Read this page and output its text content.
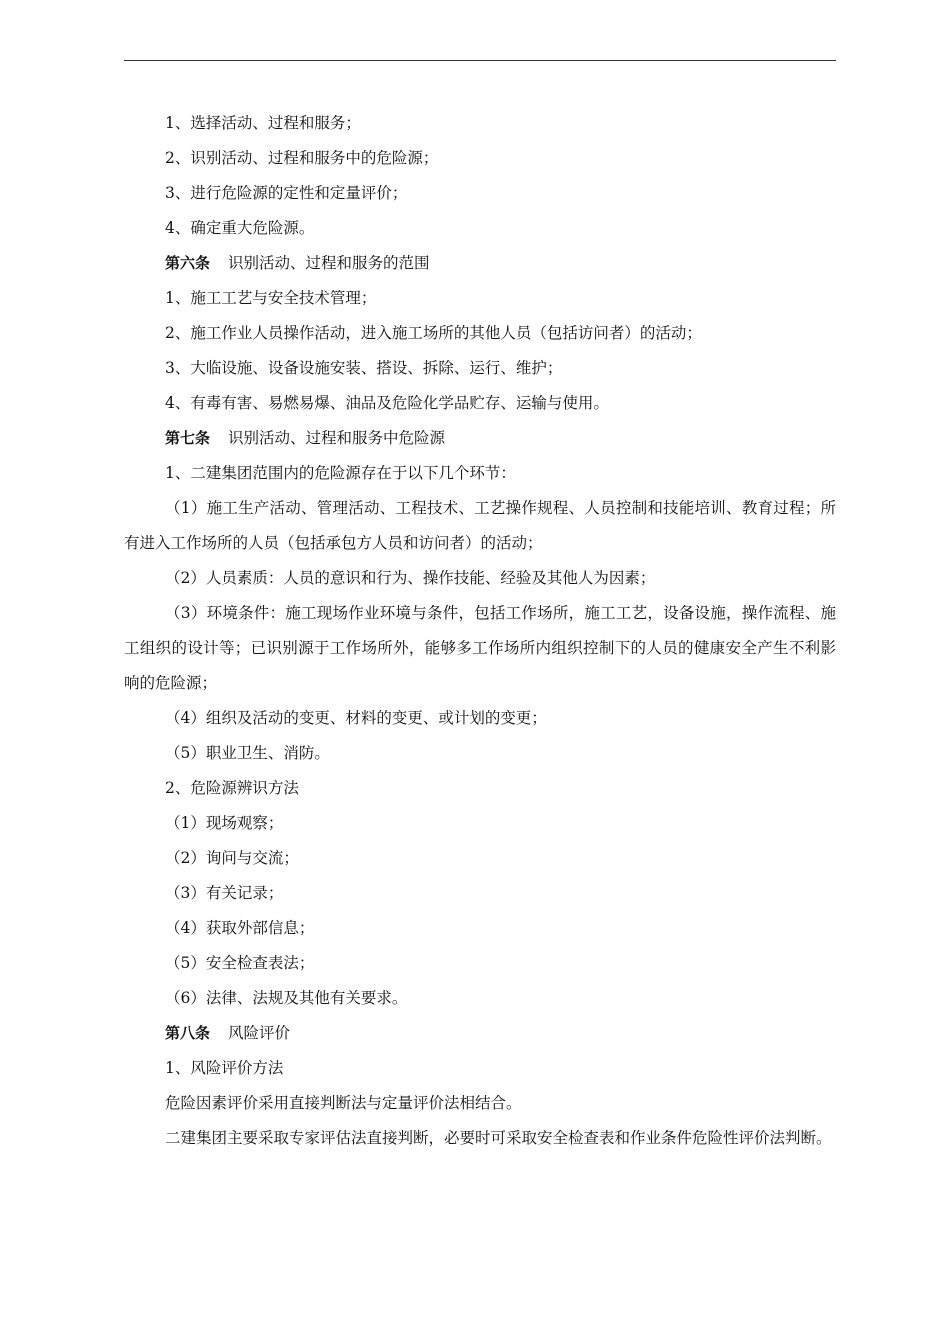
1、选择活动、过程和服务；

2、识别活动、过程和服务中的危险源；

3、进行危险源的定性和定量评价；

4、确定重大危险源。

第六条 识别活动、过程和服务的范围

1、施工工艺与安全技术管理；

2、施工作业人员操作活动，进入施工场所的其他人员（包括访问者）的活动；

3、大临设施、设备设施安装、搭设、拆除、运行、维护；

4、有毒有害、易燃易爆、油品及危险化学品贮存、运输与使用。

第七条 识别活动、过程和服务中危险源

1、二建集团范围内的危险源存在于以下几个环节：

（1）施工生产活动、管理活动、工程技术、工艺操作规程、人员控制和技能培训、教育过程；所有进入工作场所的人员（包括承包方人员和访问者）的活动；

（2）人员素质：人员的意识和行为、操作技能、经验及其他人为因素；

（3）环境条件：施工现场作业环境与条件，包括工作场所，施工工艺，设备设施，操作流程、施工组织的设计等；已识别源于工作场所外，能够多工作场所内组织控制下的人员的健康安全产生不利影响的危险源；

（4）组织及活动的变更、材料的变更、或计划的变更；

（5）职业卫生、消防。

2、危险源辨识方法

（1）现场观察；

（2）询问与交流；

（3）有关记录；

（4）获取外部信息；

（5）安全检查表法；

（6）法律、法规及其他有关要求。

第八条 风险评价

1、风险评价方法

危险因素评价采用直接判断法与定量评价法相结合。

二建集团主要采取专家评估法直接判断，必要时可采取安全检查表和作业条件危险性评价法判断。
